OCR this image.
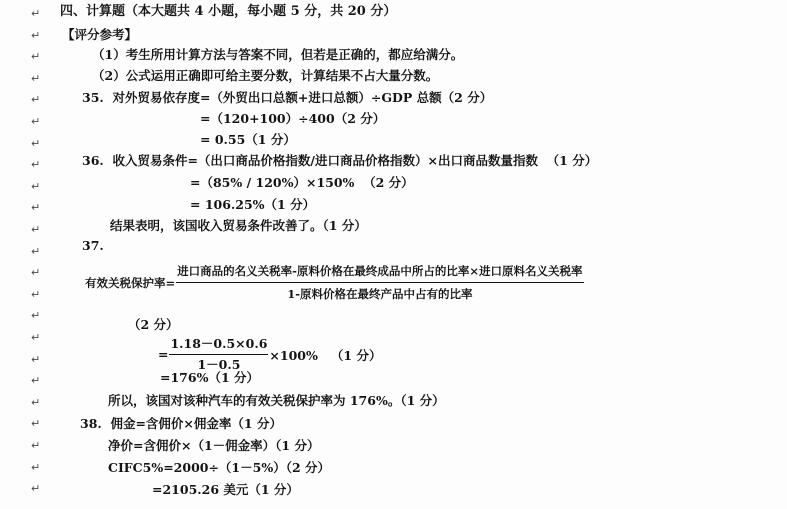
↵
↵
↵
↵
↵
↵
↵
↵
↵
↵
↵
↵
↵
↵
↵
↵
↵
↵
↵
↵
↵
↵
↵
四、计算题（本大题共 4 小题，每小题 5 分，共 20 分）
【评分参考】
（1）考生所用计算方法与答案不同，但若是正确的，都应给满分。
（2）公式运用正确即可给主要分数，计算结果不占大量分数。
35.  对外贸易依存度=（外贸出口总额+进口总额）÷GDP 总额（2 分）
=（120+100）÷400（2 分）
= 0.55（1 分）
36.  收入贸易条件=（出口商品价格指数/进口商品价格指数）×出口商品数量指数  （1 分）
=（85% / 120%）×150%  （2 分）
= 106.25%（1 分）
结果表明，该国收入贸易条件改善了。（1 分）
37.
有效关税保护率= $\frac{\text{进口商品的名义关税率-原料价格在最终成品中所占的比率×进口原料名义关税率}}{\text{1-原料价格在最终产品中占有的比率}}$
（2 分）
= $\frac{1.18-0.5\times 0.6}{1-0.5} \times 100\%$   （1 分）
=176%（1 分）
所以，该国对该种汽车的有效关税保护率为 176%。（1 分）
38.  佣金=含佣价×佣金率（1 分）
净价=含佣价×（1－佣金率）（1 分）
CIFC5%=2000÷（1－5%）（2 分）
=2105.26 美元（1 分）
